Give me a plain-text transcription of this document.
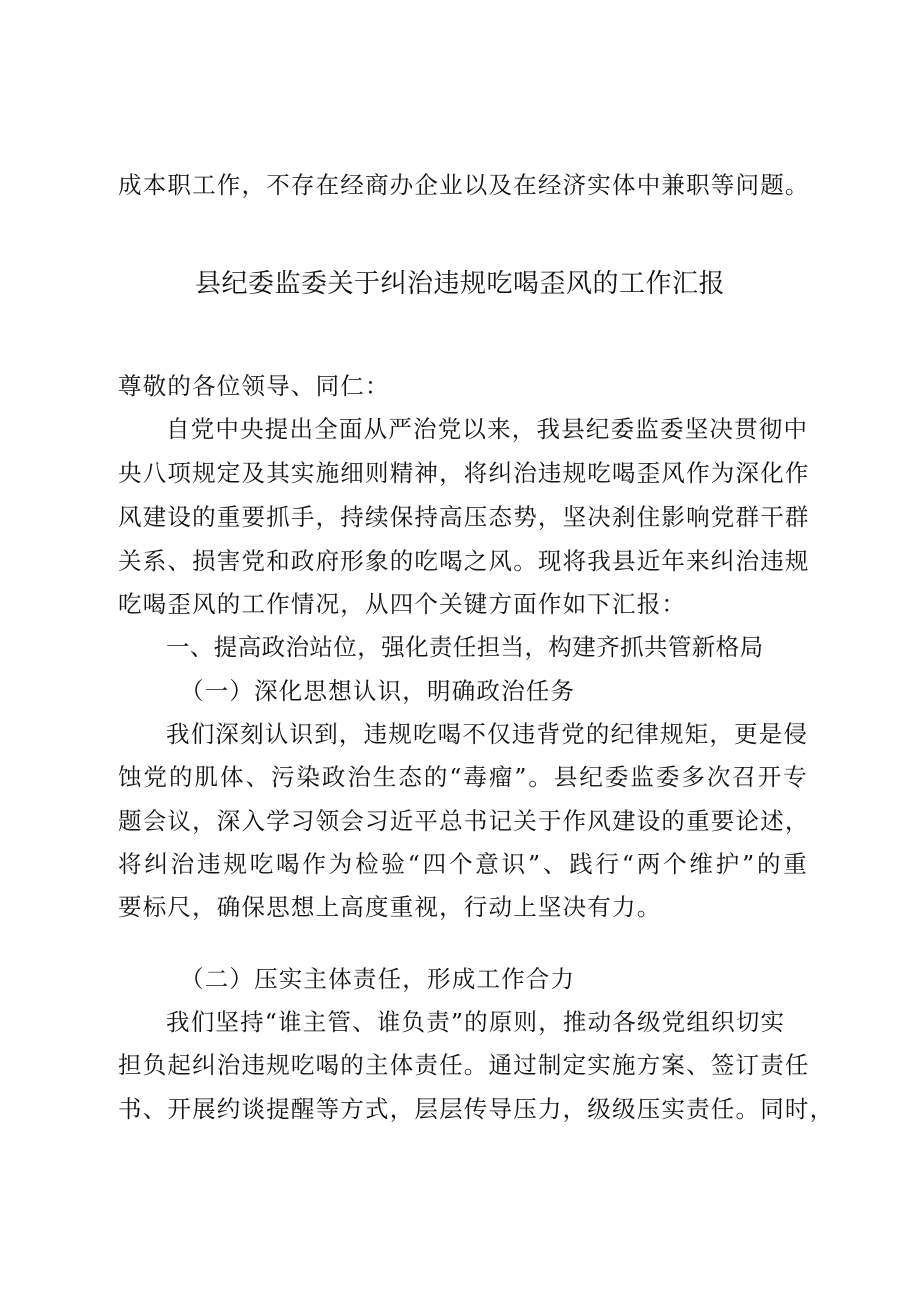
成本职工作，不存在经商办企业以及在经济实体中兼职等问题。
县纪委监委关于纠治违规吃喝歪风的工作汇报
尊敬的各位领导、同仁：
自党中央提出全面从严治党以来，我县纪委监委坚决贯彻中
央八项规定及其实施细则精神，将纠治违规吃喝歪风作为深化作
风建设的重要抓手，持续保持高压态势，坚决刹住影响党群干群
关系、损害党和政府形象的吃喝之风。现将我县近年来纠治违规
吃喝歪风的工作情况，从四个关键方面作如下汇报：
一、提高政治站位，强化责任担当，构建齐抓共管新格局
（一）深化思想认识，明确政治任务
我们深刻认识到，违规吃喝不仅违背党的纪律规矩，更是侵
蚀党的肌体、污染政治生态的“毒瘤”。县纪委监委多次召开专
题会议，深入学习领会习近平总书记关于作风建设的重要论述，
将纠治违规吃喝作为检验“四个意识”、践行“两个维护”的重
要标尺，确保思想上高度重视，行动上坚决有力。
（二）压实主体责任，形成工作合力
我们坚持“谁主管、谁负责”的原则，推动各级党组织切实
担负起纠治违规吃喝的主体责任。通过制定实施方案、签订责任
书、开展约谈提醒等方式，层层传导压力，级级压实责任。同时，
